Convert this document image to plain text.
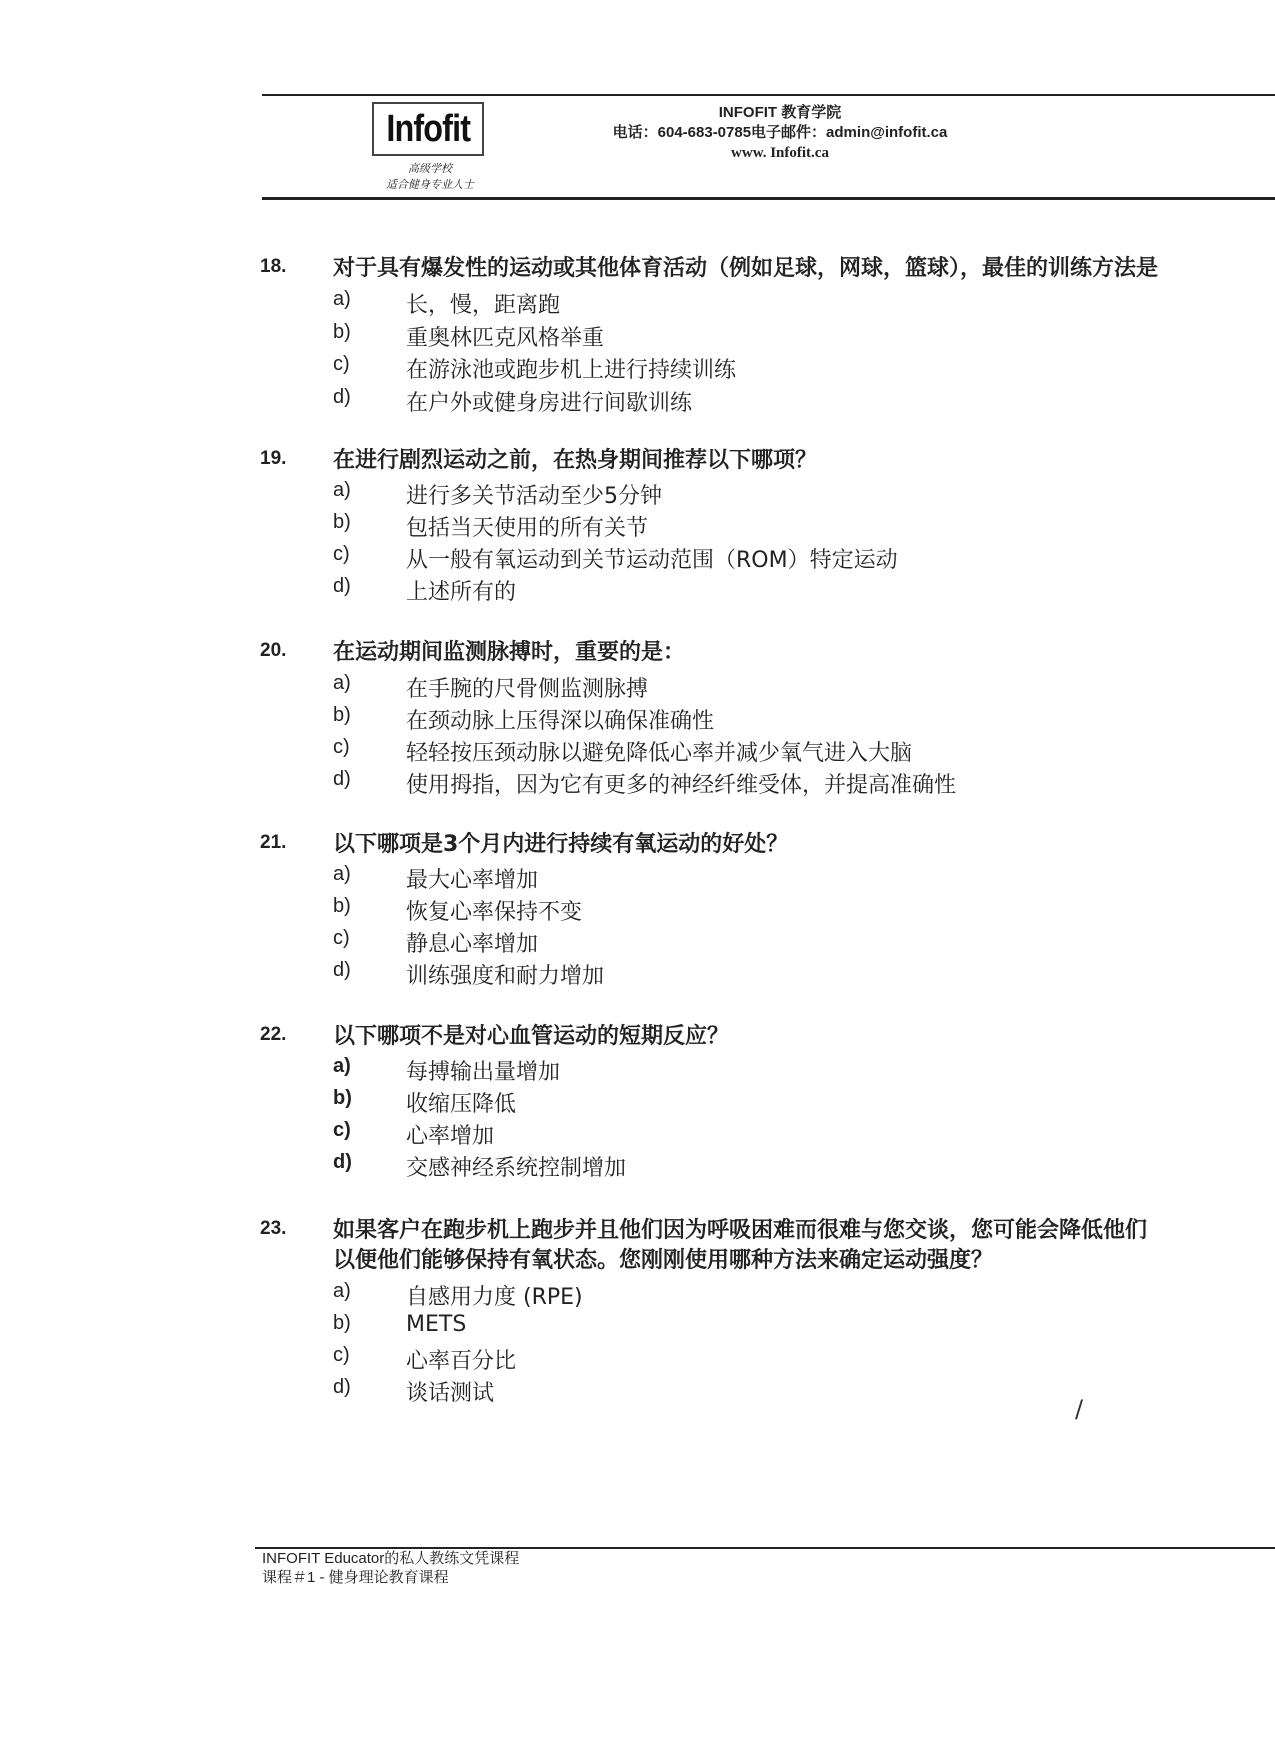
Infofit
高级学校
适合健身专业人士
INFOFIT 教育学院
电话：604-683-0785电子邮件：admin@infofit.ca
www. Infofit.ca
18.	对于具有爆发性的运动或其他体育活动（例如足球，网球，篮球），最佳的训练方法是
a)	长，慢，距离跑
b)	重奥林匹克风格举重
c)	在游泳池或跑步机上进行持续训练
d)	在户外或健身房进行间歇训练
19.	在进行剧烈运动之前，在热身期间推荐以下哪项？
a)	进行多关节活动至少5分钟
b)	包括当天使用的所有关节
c)	从一般有氧运动到关节运动范围（ROM）特定运动
d)	上述所有的
20.	在运动期间监测脉搏时，重要的是：
a)	在手腕的尺骨侧监测脉搏
b)	在颈动脉上压得深以确保准确性
c)	轻轻按压颈动脉以避免降低心率并减少氧气进入大脑
d)	使用拇指，因为它有更多的神经纤维受体，并提高准确性
21.	以下哪项是3个月内进行持续有氧运动的好处？
a)	最大心率增加
b)	恢复心率保持不变
c)	静息心率增加
d)	训练强度和耐力增加
22.	以下哪项不是对心血管运动的短期反应？
a)	每搏输出量增加
b) 收缩压降低
c)	心率增加
d) 交感神经系统控制增加
23.	如果客户在跑步机上跑步并且他们因为呼吸困难而很难与您交谈，您可能会降低他们
以便他们能够保持有氧状态。您刚刚使用哪种方法来确定运动强度？
a)	自感用力度 (RPE)
b)	METS
c)	心率百分比
d)	谈话测试
INFOFIT Educator的私人教练文凭课程
课程＃1 - 健身理论教育课程
/
